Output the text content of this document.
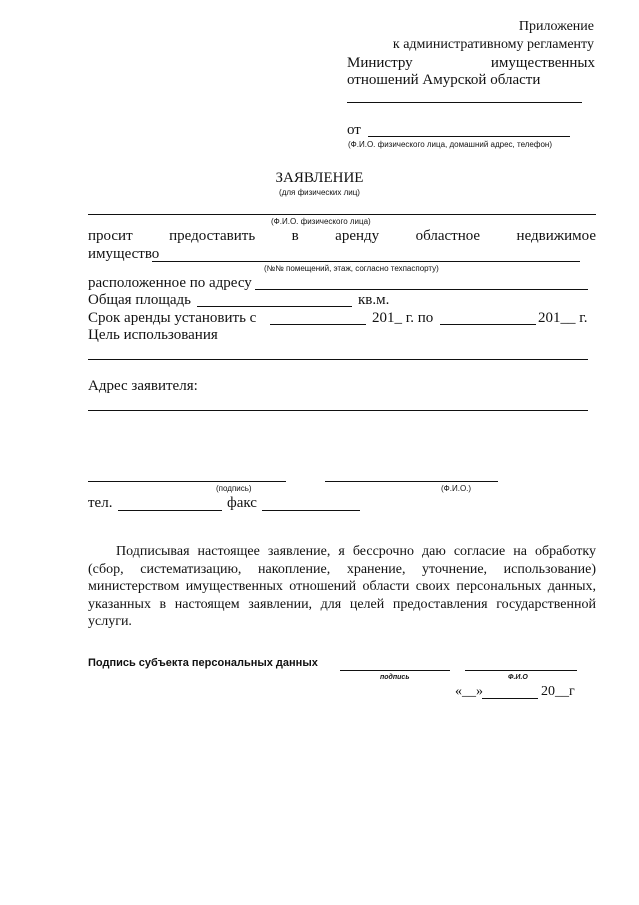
Приложение
к административному регламенту
Министру	имущественных
отношений Амурской области
от
(Ф.И.О. физического лица, домашний адрес, телефон)
ЗАЯВЛЕНИЕ
(для физических лиц)
(Ф.И.О. физического лица)
просит предоставить в аренду областное недвижимое
имущество
(№№ помещений, этаж, согласно техпаспорту)
расположенное по адресу
Общая площадь	кв.м.
Срок аренды установить с	201_ г. по	201__ г.
Цель использования
Адрес заявителя:
(подпись)	(Ф.И.О.)
тел.	факс
Подписывая настоящее заявление, я бессрочно даю согласие на обработку (сбор, систематизацию, накопление, хранение, уточнение, использование) министерством имущественных отношений области своих персональных данных, указанных в настоящем заявлении, для целей предоставления государственной услуги.
Подпись субъекта персональных данных
подпись	Ф.И.О
«__»	20__г
